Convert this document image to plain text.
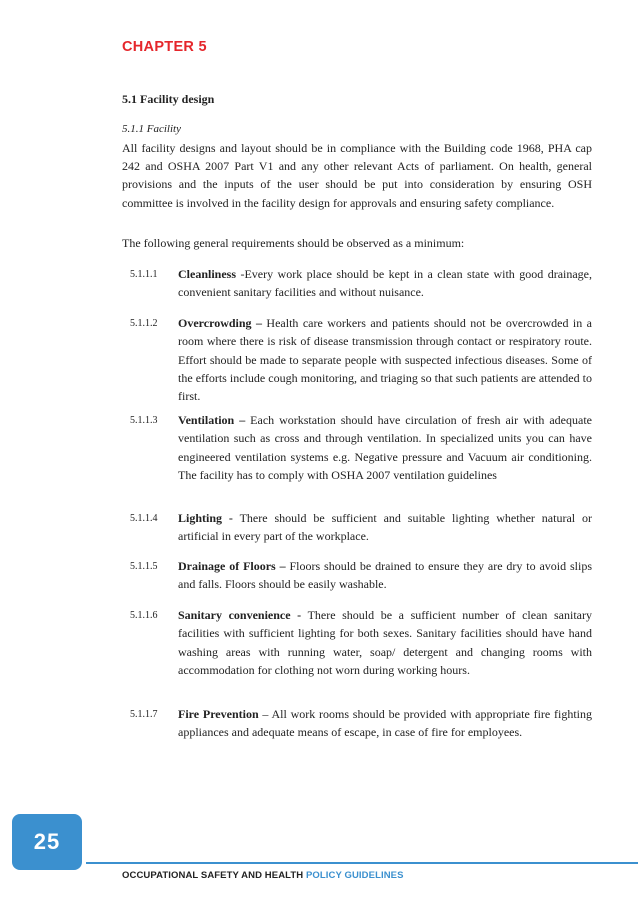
CHAPTER 5
5.1 Facility design
5.1.1 Facility
All facility designs and layout should be in compliance with the Building code 1968, PHA cap 242 and OSHA 2007 Part V1 and any other relevant Acts of parliament. On health, general provisions and the inputs of the user should be put into consideration by ensuring OSH committee is involved in the facility design for approvals and ensuring safety compliance.
The following general requirements should be observed as a minimum:
5.1.1.1 Cleanliness -Every work place should be kept in a clean state with good drainage, convenient sanitary facilities and without nuisance.
5.1.1.2 Overcrowding – Health care workers and patients should not be overcrowded in a room where there is risk of disease transmission through contact or respiratory route. Effort should be made to separate people with suspected infectious diseases. Some of the efforts include cough monitoring, and triaging so that such patients are attended to first.
5.1.1.3 Ventilation – Each workstation should have circulation of fresh air with adequate ventilation such as cross and through ventilation. In specialized units you can have engineered ventilation systems e.g. Negative pressure and Vacuum air conditioning. The facility has to comply with OSHA 2007 ventilation guidelines
5.1.1.4 Lighting - There should be sufficient and suitable lighting whether natural or artificial in every part of the workplace.
5.1.1.5 Drainage of Floors – Floors should be drained to ensure they are dry to avoid slips and falls. Floors should be easily washable.
5.1.1.6 Sanitary convenience - There should be a sufficient number of clean sanitary facilities with sufficient lighting for both sexes. Sanitary facilities should have hand washing areas with running water, soap/ detergent and changing rooms with accommodation for clothing not worn during working hours.
5.1.1.7 Fire Prevention – All work rooms should be provided with appropriate fire fighting appliances and adequate means of escape, in case of fire for employees.
25
OCCUPATIONAL SAFETY AND HEALTH POLICY GUIDELINES
